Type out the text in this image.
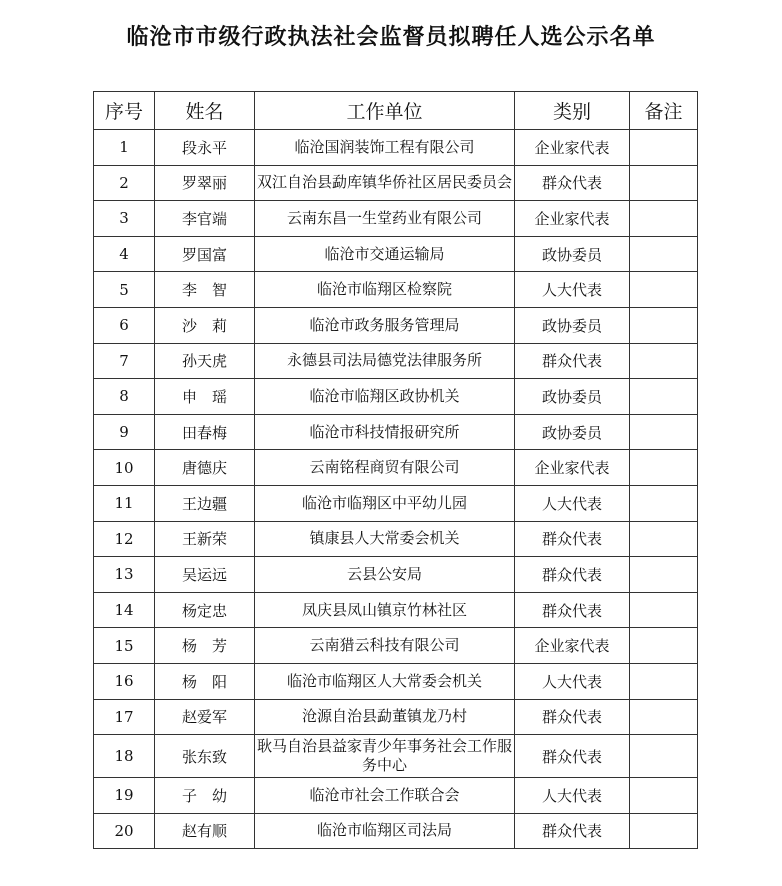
临沧市市级行政执法社会监督员拟聘任人选公示名单
序号	姓名	工作单位	类别	备注
1	段永平	临沧国润装饰工程有限公司	企业家代表	
2	罗翠丽	双江自治县勐库镇华侨社区居民委员会	群众代表	
3	李官端	云南东昌一生堂药业有限公司	企业家代表	
4	罗国富	临沧市交通运输局	政协委员	
5	李　智	临沧市临翔区检察院	人大代表	
6	沙　莉	临沧市政务服务管理局	政协委员	
7	孙天虎	永德县司法局德党法律服务所	群众代表	
8	申　瑶	临沧市临翔区政协机关	政协委员	
9	田春梅	临沧市科技情报研究所	政协委员	
10	唐德庆	云南铭程商贸有限公司	企业家代表	
11	王边疆	临沧市临翔区中平幼儿园	人大代表	
12	王新荣	镇康县人大常委会机关	群众代表	
13	吴运远	云县公安局	群众代表	
14	杨定忠	凤庆县凤山镇京竹林社区	群众代表	
15	杨　芳	云南猎云科技有限公司	企业家代表	
16	杨　阳	临沧市临翔区人大常委会机关	人大代表	
17	赵爱军	沧源自治县勐董镇龙乃村	群众代表	
18	张东致	耿马自治县益家青少年事务社会工作服务中心	群众代表	
19	子　幼	临沧市社会工作联合会	人大代表	
20	赵有顺	临沧市临翔区司法局	群众代表	
